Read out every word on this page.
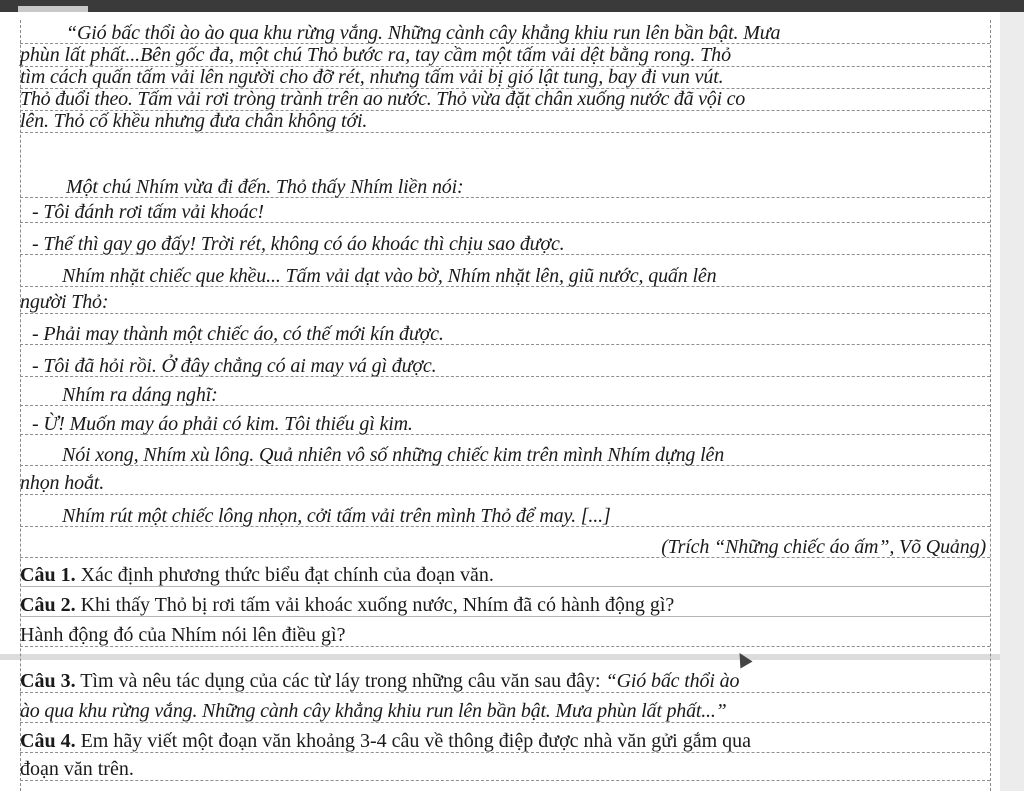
“Gió bấc thổi ào ào qua khu rừng vắng. Những cành cây khẳng khiu run lên bần bật. Mưa
phùn lất phất...Bên gốc đa, một chú Thỏ bước ra, tay cầm một tấm vải dệt bằng rong. Thỏ
tìm cách quấn tấm vải lên người cho đỡ rét, nhưng tấm vải bị gió lật tung, bay đi vun vút.
Thỏ đuổi theo. Tấm vải rơi tròng trành trên ao nước. Thỏ vừa đặt chân xuống nước đã vội co
lên. Thỏ cố khều nhưng đưa chân không tới.
Một chú Nhím vừa đi đến. Thỏ thấy Nhím liền nói:
- Tôi đánh rơi tấm vải khoác!
- Thế thì gay go đấy! Trời rét, không có áo khoác thì chịu sao được.
Nhím nhặt chiếc que khều... Tấm vải dạt vào bờ, Nhím nhặt lên, giũ nước, quấn lên
người Thỏ:
- Phải may thành một chiếc áo, có thế mới kín được.
- Tôi đã hỏi rồi. Ở đây chẳng có ai may vá gì được.
Nhím ra dáng nghĩ:
- Ừ! Muốn may áo phải có kim. Tôi thiếu gì kim.
Nói xong, Nhím xù lông. Quả nhiên vô số những chiếc kim trên mình Nhím dựng lên
nhọn hoắt.
Nhím rút một chiếc lông nhọn, cởi tấm vải trên mình Thỏ để may. [...]
(Trích “Những chiếc áo ấm”, Võ Quảng)
Câu 1. Xác định phương thức biểu đạt chính của đoạn văn.
Câu 2. Khi thấy Thỏ bị rơi tấm vải khoác xuống nước, Nhím đã có hành động gì?
Hành động đó của Nhím nói lên điều gì?
Câu 3. Tìm và nêu tác dụng của các từ láy trong những câu văn sau đây: “Gió bấc thổi ào
ào qua khu rừng vắng. Những cành cây khẳng khiu run lên bần bật. Mưa phùn lất phất...”
Câu 4. Em hãy viết một đoạn văn khoảng 3-4 câu về thông điệp được nhà văn gửi gắm qua
đoạn văn trên.
